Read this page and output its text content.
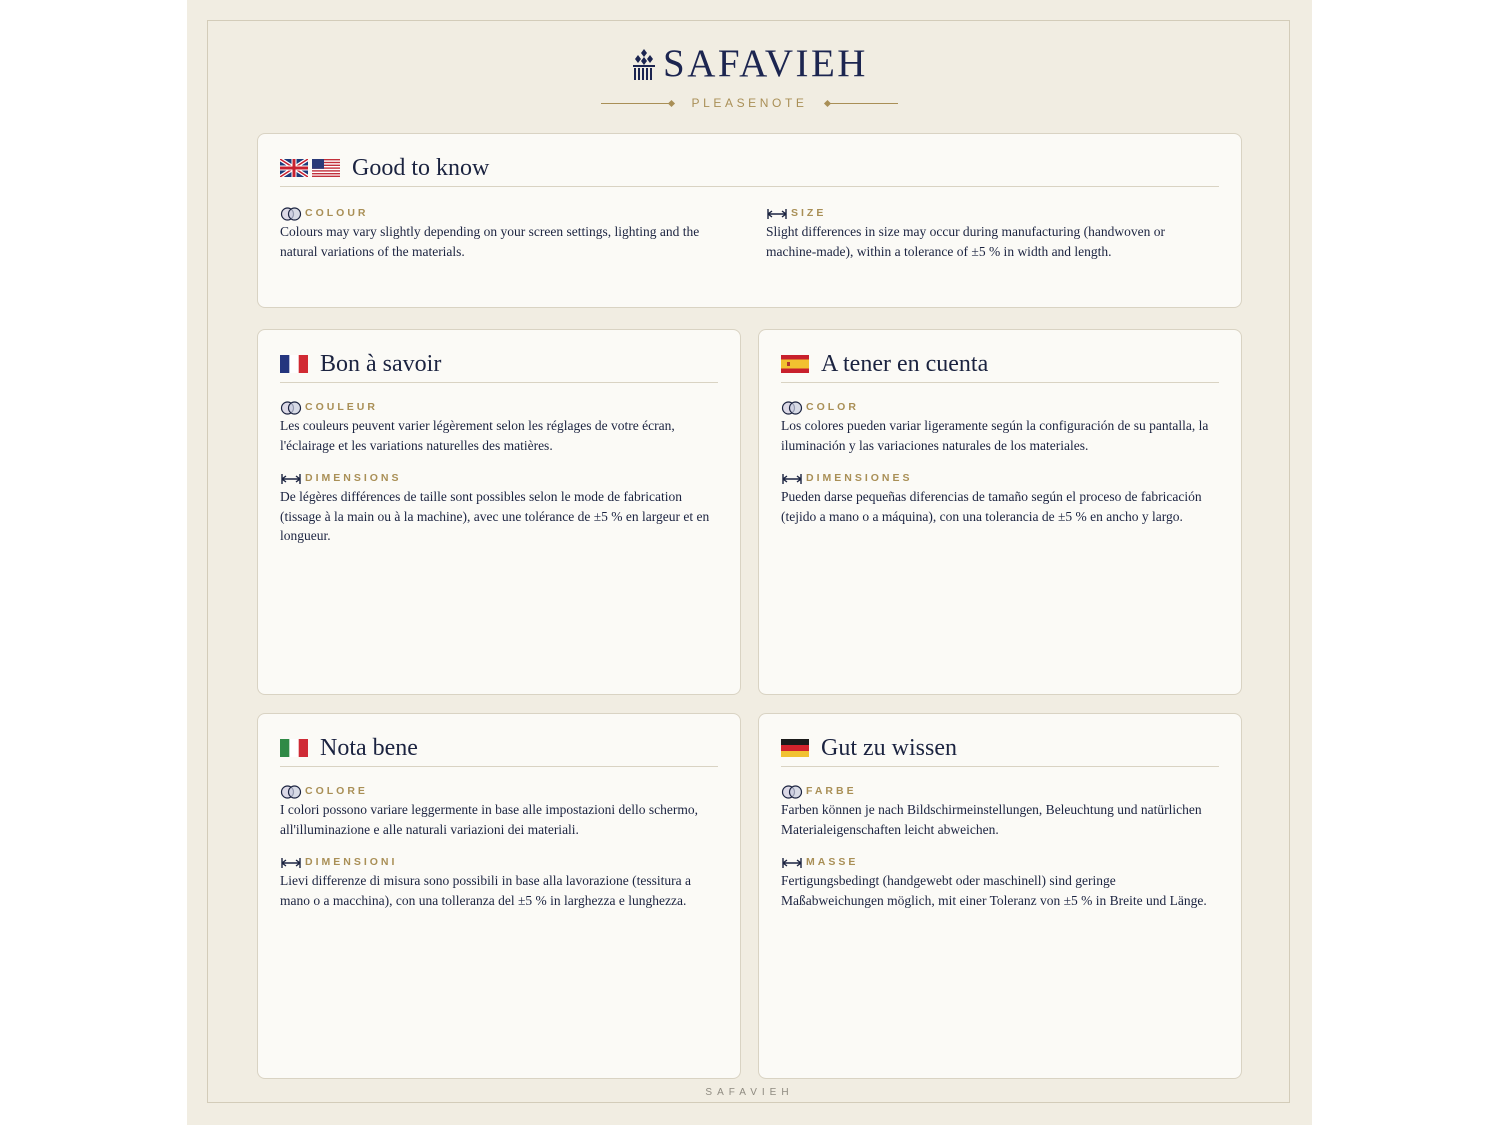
SAFAVIEH
PLEASENOTE
Good to know
COLOUR

Colours may vary slightly depending on your screen settings, lighting and the natural variations of the materials.

SIZE

Slight differences in size may occur during manufacturing (handwoven or machine-made), within a tolerance of ±5 % in width and length.

Bon à savoir
COULEUR

Les couleurs peuvent varier légèrement selon les réglages de votre écran, l'éclairage et les variations naturelles des matières.

DIMENSIONS

De légères différences de taille sont possibles selon le mode de fabrication (tissage à la main ou à la machine), avec une tolérance de ±5 % en largeur et en longueur.

A tener en cuenta
COLOR

Los colores pueden variar ligeramente según la configuración de su pantalla, la iluminación y las variaciones naturales de los materiales.

DIMENSIONES

Pueden darse pequeñas diferencias de tamaño según el proceso de fabricación (tejido a mano o a máquina), con una tolerancia de ±5 % en ancho y largo.

Nota bene
COLORE

I colori possono variare leggermente in base alle impostazioni dello schermo, all'illuminazione e alle naturali variazioni dei materiali.

DIMENSIONI

Lievi differenze di misura sono possibili in base alla lavorazione (tessitura a mano o a macchina), con una tolleranza del ±5 % in larghezza e lunghezza.

Gut zu wissen
FARBE

Farben können je nach Bildschirmeinstellungen, Beleuchtung und natürlichen Materialeigenschaften leicht abweichen.

MASSE

Fertigungsbedingt (handgewebt oder maschinell) sind geringe Maßabweichungen möglich, mit einer Toleranz von ±5 % in Breite und Länge.

SAFAVIEH
